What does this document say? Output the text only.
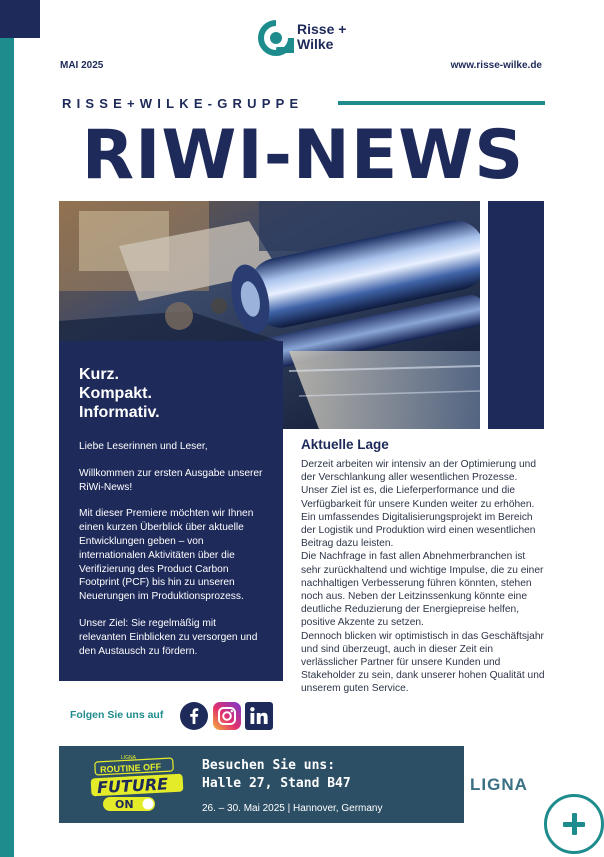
Risse +
Wilke
MAI 2025	www.risse-wilke.de
RISSE+WILKE-GRUPPE
RIWI-NEWS
Kurz.
Kompakt.
Informativ.

Liebe Leserinnen und Leser,

Willkommen zur ersten Ausgabe unserer RiWi-News!

Mit dieser Premiere möchten wir Ihnen einen kurzen Überblick über aktuelle Entwicklungen geben – von internationalen Aktivitäten über die Verifizierung des Product Carbon Footprint (PCF) bis hin zu unseren Neuerungen im Produktionsprozess.

Unser Ziel: Sie regelmäßig mit relevanten Einblicken zu versorgen und den Austausch zu fördern.

Aktuelle Lage
Derzeit arbeiten wir intensiv an der Optimierung und der Verschlankung aller wesentlichen Prozesse. Unser Ziel ist es, die Lieferperformance und die Verfügbarkeit für unsere Kunden weiter zu erhöhen. Ein umfassendes Digitalisierungsprojekt im Bereich der Logistik und Produktion wird einen wesentlichen Beitrag dazu leisten.
Die Nachfrage in fast allen Abnehmerbranchen ist sehr zurückhaltend und wichtige Impulse, die zu einer nachhaltigen Verbesserung führen könnten, stehen noch aus. Neben der Leitzinssenkung könnte eine deutliche Reduzierung der Energiepreise helfen, positive Akzente zu setzen.
Dennoch blicken wir optimistisch in das Geschäftsjahr und sind überzeugt, auch in dieser Zeit ein verlässlicher Partner für unsere Kunden und Stakeholder zu sein, dank unserer hohen Qualität und unserem guten Service.
Folgen Sie uns auf
LIGNA
ROUTINE OFF
FUTURE
ON
Besuchen Sie uns:
Halle 27, Stand B47
26. – 30. Mai 2025 | Hannover, Germany
LIGNA
